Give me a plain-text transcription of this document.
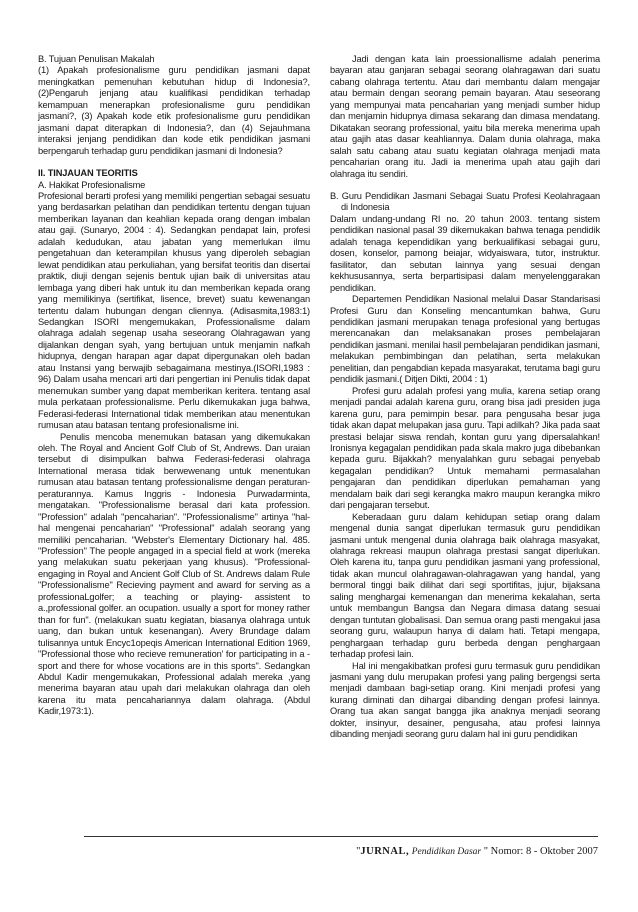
B. Tujuan Penulisan Makalah

(1) Apakah profesionalisme guru pendidikan jasmani dapat meningkatkan pemenuhan kebutuhan hidup di Indonesia?, (2)Pengaruh jenjang atau kualifikasi pendidikan terhadap kemampuan menerapkan profesionalisme guru pendidikan jasmani?, (3) Apakah kode etik profesionalisme guru pendidikan jasmani dapat diterapkan di Indonesia?, dan (4) Sejauhmana interaksi jenjang pendidikan dan kode etik pendidikan jasmani berpengaruh terhadap guru pendidikan jasmani di Indonesia?

II. TINJAUAN TEORITIS

A. Hakikat Profesionalisme

Profesional berarti profesi yang memiliki pengertian sebagai sesuatu yang berdasarkan pelatihan dan pendidikan tertentu dengan tujuan memberikan layanan dan keahlian kepada orang dengan imbalan atau gaji. (Sunaryo, 2004 : 4). Sedangkan pendapat lain, profesi adalah kedudukan, atau jabatan yang memerlukan ilmu pengetahuan dan keterampilan khusus yang diperoleh sebagian lewat pendidikan atau perkuliahan, yang bersifat teoritis dan disertai praktik, diuji dengan sejenis bentuk ujian baik di universitas atau lembaga yang diberi hak untuk itu dan memberikan kepada orang yang memilikinya (sertifikat, lisence, brevet) suatu kewenangan tertentu dalam hubungan dengan cliennya. (Adisasmita,1983:1) Sedangkan ISORI mengemukakan, Professionalisme dalam olahraga adalah segenap usaha seseorang Olahragawan yang dijalankan dengan syah, yang bertujuan untuk menjamin nafkah hidupnya, dengan harapan agar dapat dipergunakan oleh badan atau Instansi yang berwajib sebagaimana mestinya.(ISORI,1983 : 96) Dalam usaha mencari arti dari pengertian ini Penulis tidak dapat menemukan sumber yang dapat memberikan keritera. tentang asal mula perkataan professionalisme. Perlu dikemukakan juga bahwa, Federasi-federasi International tidak memberikan atau menentukan rumusan atau batasan tentang profesionalisme ini.

Penulis mencoba menemukan batasan yang dikemukakan oleh. The Royal and Ancient Golf Club of St, Andrews. Dan uraian tersebut di disimpulkan bahwa Federasi-federasi olahraga International merasa tidak berwewenang untuk menentukan rumusan atau batasan tentang professionalisme dengan peraturan-peraturannya. Kamus Inggris - Indonesia Purwadarminta, mengatakan. "Professionalisme berasal dari kata profession. "Profession" adalah "pencaharian". "Professionalisme" artinya "hal-hal mengenai pencaharian" "Professional" adalah seorang yang memiliki pencaharian. "Webster's Elementary Dictionary hal. 485. "Profession" The people angaged in a special field at work (mereka yang melakukan suatu pekerjaan yang khusus). "Professional-engaging in Royal and Ancient Golf Club of St. Andrews dalam Rule "Professionalisme" Recieving payment and award for serving as a professionaLgolfer; a teaching or playing- assistent to a.,professional golfer. an ocupation. usually a sport for money rather than for fun". (melakukan suatu kegiatan, biasanya olahraga untuk uang, dan bukan untuk kesenangan). Avery Brundage dalam tulisannya untuk Encyc1opeqis American International Edition 1969, "Professional those who recieve remuneration' for participating in a -sport and there for whose vocations are in this sports". Sedangkan Abdul Kadir mengemukakan, Professional adalah mereka ,yang menerima bayaran atau upah dari melakukan olahraga dan oleh karena itu mata pencahariannya dalam olahraga. (Abdul Kadir,1973:1).

Jadi dengan kata lain proessionallisme adalah penerima bayaran atau ganjaran sebagai seorang olahragawan dari suatu cabang olahraga tertentu. Atau dari membantu dalam mengajar atau bermain dengan seorang pemain bayaran. Atau seseorang yang mempunyai mata pencaharian yang menjadi sumber hidup dan menjamin hidupnya dimasa sekarang dan dimasa mendatang. Dikatakan seorang professional, yaitu bila mereka menerima upah atau gajih atas dasar keahliannya. Dalam dunia olahraga, maka salah satu cabang atau suatu kegiatan olahraga menjadi mata pencaharian orang itu. Jadi ia menerima upah atau gajih dari olahraga itu sendiri.

B. Guru Pendidikan Jasmani Sebagai Suatu Profesi Keolahragaan di Indonesia

Dalam undang-undang RI no. 20 tahun 2003. tentang sistem pendidikan nasional pasal 39 dikemukakan bahwa tenaga pendidik adalah tenaga kependidikan yang berkualifikasi sebagai guru, dosen, konselor, pamong beiajar, widyaiswara, tutor, instruktur. fasilitator, dan sebutan lainnya yang sesuai dengan kekhususannya, serta berpartisipasi dalam menyelenggarakan pendidikan.

Departemen Pendidikan Nasional melalui Dasar Standarisasi Profesi Guru dan Konseling mencantumkan bahwa, Guru pendidikan jasmani merupakan tenaga profesional yang bertugas merencanakan dan melaksanakan proses pembelajaran pendidikan jasmani. menilai hasil pembelajaran pendidikan jasmani, melakukan pembimbingan dan pelatihan, serta melakukan penelitian, dan pengabdian kepada masyarakat, terutama bagi guru pendidik jasmani.( Ditjen Dikti, 2004 : 1)

Profesi guru adalah profesi yang mulia, karena setiap orang menjadi pandai adalah karena guru, orang bisa jadi presiden juga karena guru, para pemimpin besar. para pengusaha besar juga tidak akan dapat melupakan jasa guru. Tapi adilkah? Jika pada saat prestasi belajar siswa rendah, kontan guru yang dipersalahkan! Ironisnya kegagalan pendidikan pada skala makro juga dibebankan kepada guru. Bijakkah? menyalahkan guru sebagai penyebab kegagalan pendidikan? Untuk memahami permasalahan pengajaran dan pendidikan diperlukan pemahaman yang mendalam baik dari segi kerangka makro maupun kerangka mikro dari pengajaran tersebut.

Keberadaan guru dalam kehidupan setiap orang dalam mengenal dunia sangat diperlukan termasuk guru pendidikan jasmani untuk mengenal dunia olahraga baik olahraga masyakat, olahraga rekreasi maupun olahraga prestasi sangat diperlukan. Oleh karena itu, tanpa guru pendidikan jasmani yang professional, tidak akan muncul olahragawan-olahragawan yang handal, yang bermoral tinggi baik dilihat dari segi sportifitas, jujur, bijaksana saling menghargai kemenangan dan menerima kekalahan, serta untuk membangun Bangsa dan Negara dimasa datang sesuai dengan tuntutan globalisasi. Dan semua orang pasti mengakui jasa seorang guru, walaupun hanya di dalam hati. Tetapi mengapa, penghargaan terhadap guru berbeda dengan penghargaan terhadap profesi lain.

Hal ini mengakibatkan profesi guru termasuk guru pendidikan jasmani yang dulu merupakan profesi yang paling bergengsi serta menjadi dambaan bagi-setiap orang. Kini menjadi profesi yang kurang diminati dan dihargai dibanding dengan profesi lainnya. Orang tua akan sangat bangga jika anaknya menjadi seorang dokter, insinyur, desainer, pengusaha, atau profesi lainnya dibanding menjadi seorang guru dalam hal ini guru pendidikan

"JURNAL, Pendidikan Dasar " Nomor: 8 - Oktober 2007
